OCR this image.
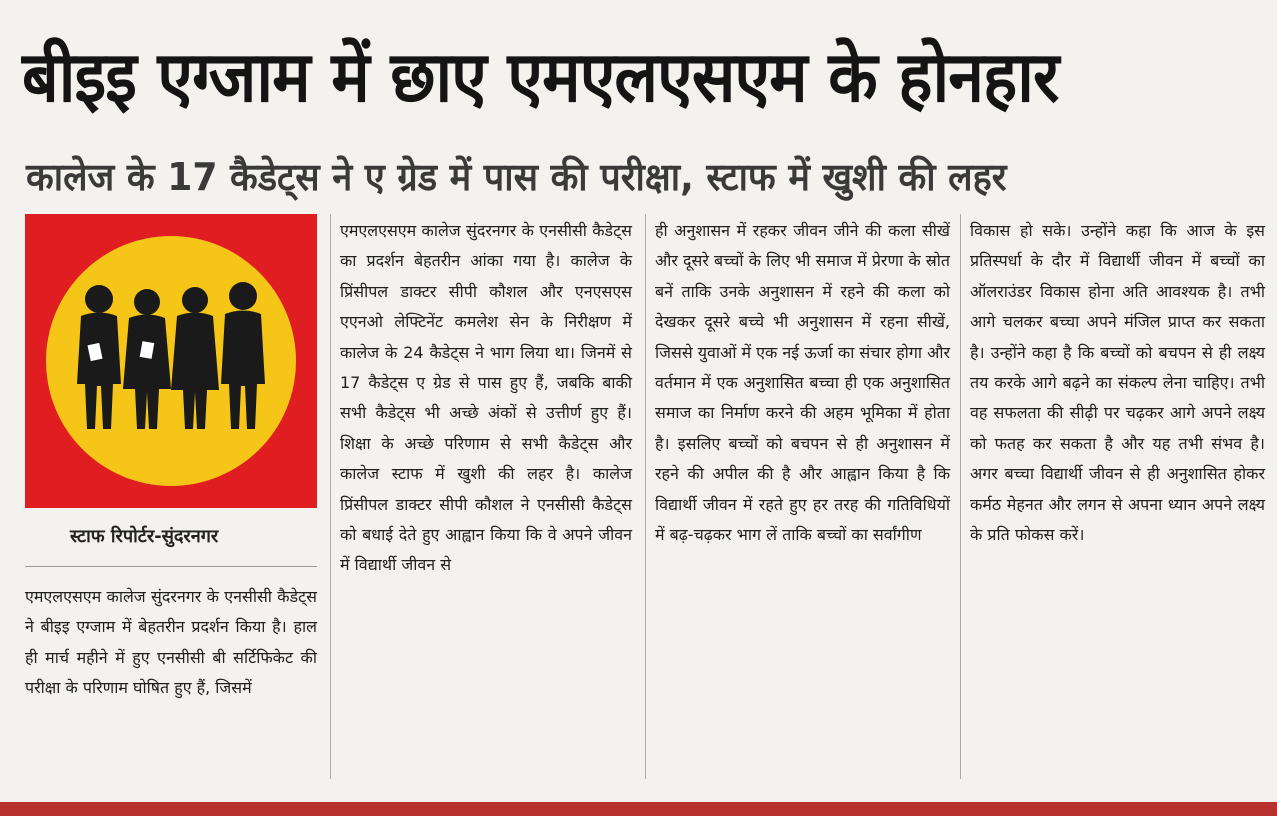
बीइइ एग्जाम में छाए एमएलएसएम के होनहार
कालेज के 17 कैडेट्स ने ए ग्रेड में पास की परीक्षा, स्टाफ में खुशी की लहर
स्टाफ रिपोर्टर-सुंदरनगर
एमएलएसएम कालेज सुंदरनगर के एनसीसी कैडेट्स ने बीइइ एग्जाम में बेहतरीन प्रदर्शन किया है। हाल ही मार्च महीने में हुए एनसीसी बी सर्टिफिकेट की परीक्षा के परिणाम घोषित हुए हैं, जिसमें
एमएलएसएम कालेज सुंदरनगर के एनसीसी कैडेट्स का प्रदर्शन बेहतरीन आंका गया है। कालेज के प्रिंसीपल डाक्टर सीपी कौशल और एनएसएस एएनओ लेफ्टिनेंट कमलेश सेन के निरीक्षण में कालेज के 24 कैडेट्स ने भाग लिया था। जिनमें से 17 कैडेट्स ए ग्रेड से पास हुए हैं, जबकि बाकी सभी कैडेट्स भी अच्छे अंकों से उत्तीर्ण हुए हैं। शिक्षा के अच्छे परिणाम से सभी कैडेट्स और कालेज स्टाफ में खुशी की लहर है। कालेज प्रिंसीपल डाक्टर सीपी कौशल ने एनसीसी कैडेट्स को बधाई देते हुए आह्वान किया कि वे अपने जीवन में विद्यार्थी जीवन से
ही अनुशासन में रहकर जीवन जीने की कला सीखें और दूसरे बच्चों के लिए भी समाज में प्रेरणा के स्रोत बनें ताकि उनके अनुशासन में रहने की कला को देखकर दूसरे बच्चे भी अनुशासन में रहना सीखें, जिससे युवाओं में एक नई ऊर्जा का संचार होगा और वर्तमान में एक अनुशासित बच्चा ही एक अनुशासित समाज का निर्माण करने की अहम भूमिका में होता है। इसलिए बच्चों को बचपन से ही अनुशासन में रहने की अपील की है और आह्वान किया है कि विद्यार्थी जीवन में रहते हुए हर तरह की गतिविधियों में बढ़-चढ़कर भाग लें ताकि बच्चों का सर्वांगीण
विकास हो सके। उन्होंने कहा कि आज के इस प्रतिस्पर्धा के दौर में विद्यार्थी जीवन में बच्चों का ऑलराउंडर विकास होना अति आवश्यक है। तभी आगे चलकर बच्चा अपने मंजिल प्राप्त कर सकता है। उन्होंने कहा है कि बच्चों को बचपन से ही लक्ष्य तय करके आगे बढ़ने का संकल्प लेना चाहिए। तभी वह सफलता की सीढ़ी पर चढ़कर आगे अपने लक्ष्य को फतह कर सकता है और यह तभी संभव है। अगर बच्चा विद्यार्थी जीवन से ही अनुशासित होकर कर्मठ मेहनत और लगन से अपना ध्यान अपने लक्ष्य के प्रति फोकस करें।
